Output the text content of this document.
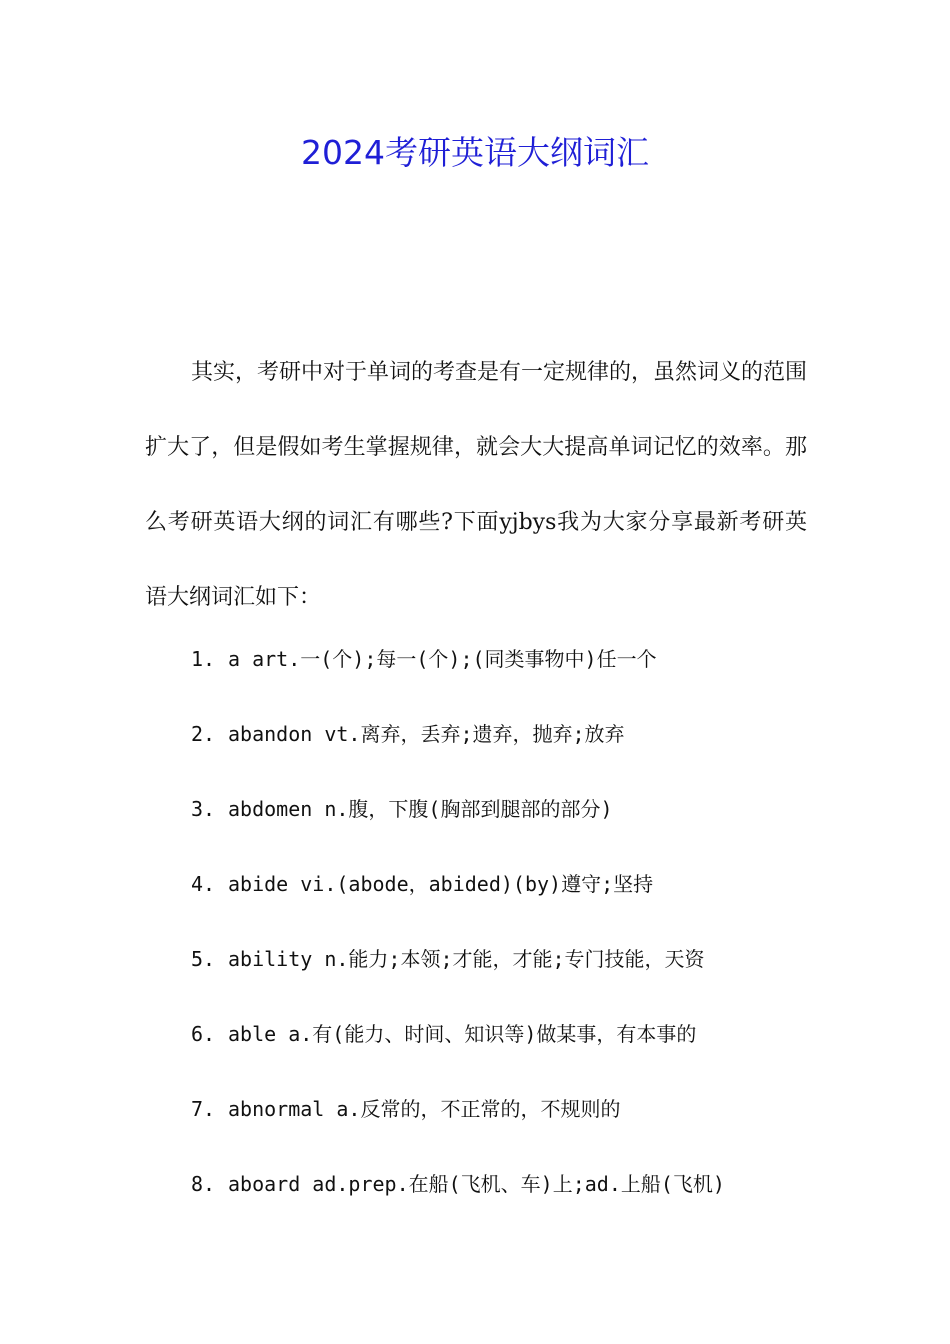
2024考研英语大纲词汇

其实，考研中对于单词的考查是有一定规律的，虽然词义的范围扩大了，但是假如考生掌握规律，就会大大提高单词记忆的效率。那么考研英语大纲的词汇有哪些?下面yjbys我为大家分享最新考研英语大纲词汇如下：

1. a art.一(个);每一(个);(同类事物中)任一个
2. abandon vt.离弃，丢弃;遗弃，抛弃;放弃
3. abdomen n.腹，下腹(胸部到腿部的部分)
4. abide vi.(abode，abided)(by)遵守;坚持
5. ability n.能力;本领;才能，才能;专门技能，天资
6. able a.有(能力、时间、知识等)做某事，有本事的
7. abnormal a.反常的，不正常的，不规则的
8. aboard ad.prep.在船(飞机、车)上;ad.上船(飞机)
